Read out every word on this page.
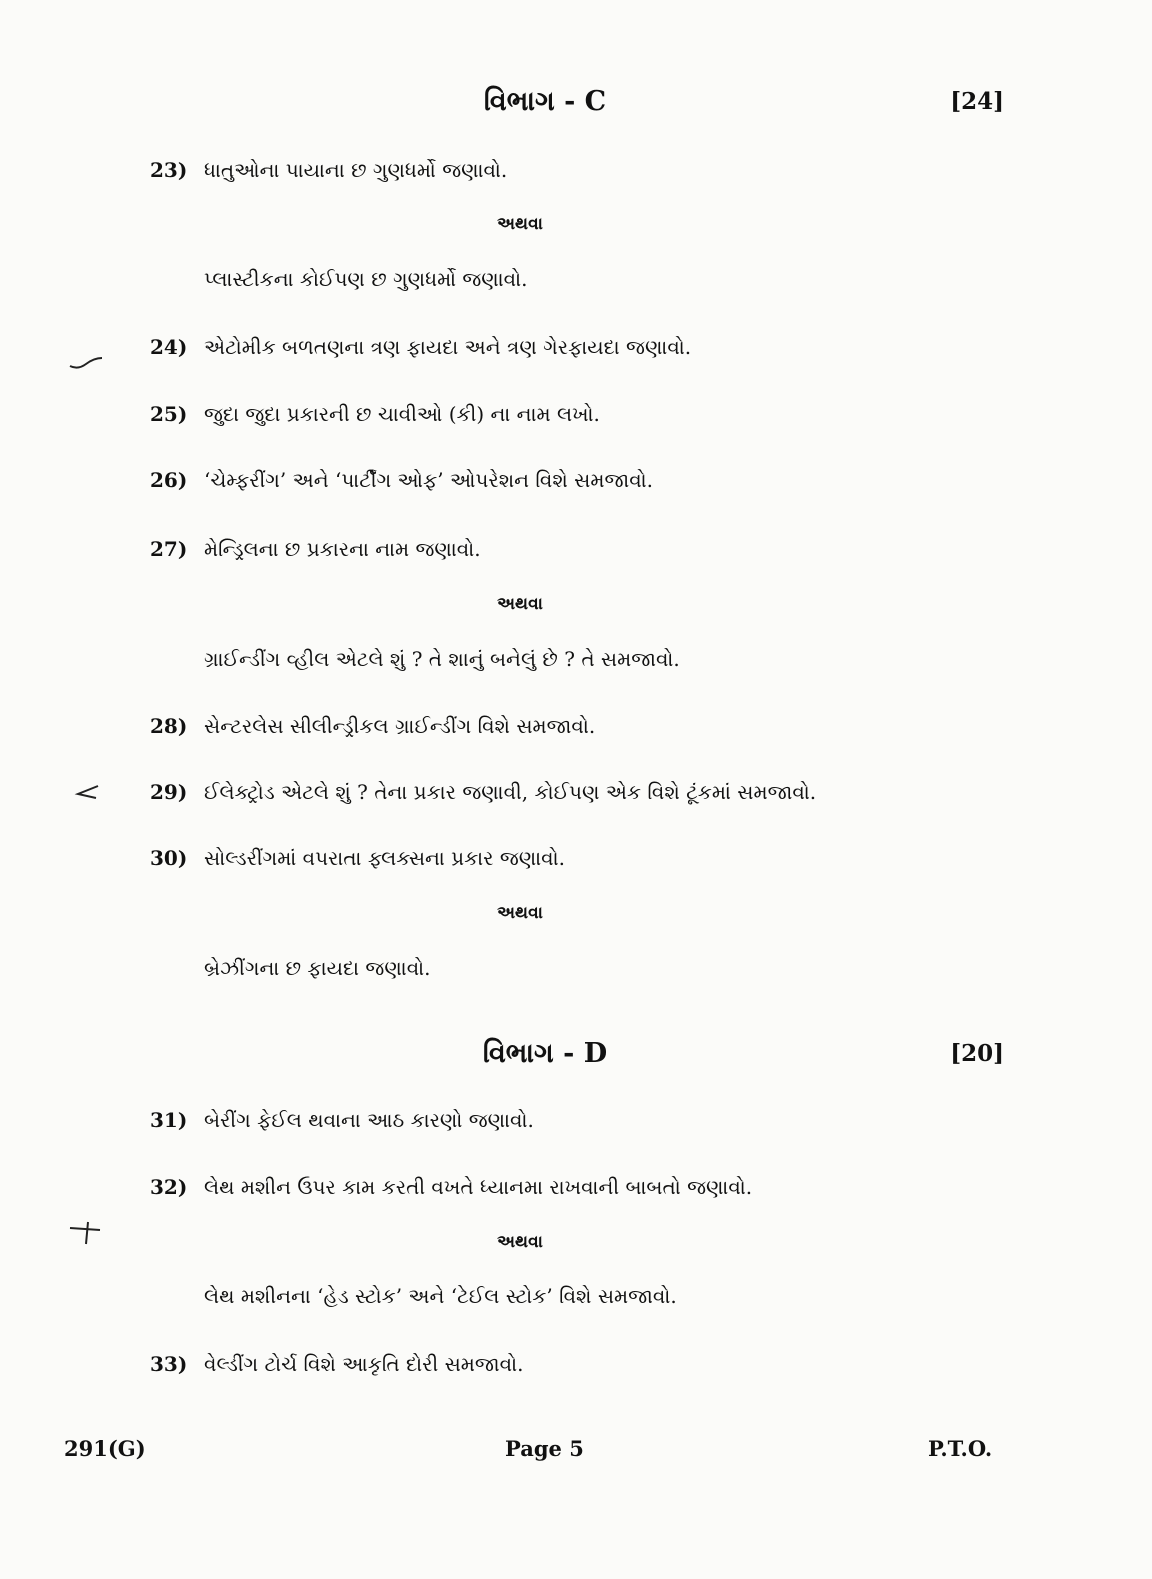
વિભાગ - C	[24]
23) ધાતુઓના પાયાના છ ગુણધર્મો જણાવો.
અથવા
પ્લાસ્ટીકના કોઈપણ છ ગુણધર્મો જણાવો.
24) એટોમીક બળતણના ત્રણ ફાયદા અને ત્રણ ગેરફાયદા જણાવો.
25) જુદા જુદા પ્રકારની છ ચાવીઓ (કી) ના નામ લખો.
26) ‘ચેમ્ફરીંગ’ અને ‘પાર્ટીંગ ઓફ’ ઓપરેશન વિશે સમજાવો.
27) મેન્ડ્રિલના છ પ્રકારના નામ જણાવો.
અથવા
ગ્રાઈન્ડીંગ વ્હીલ એટલે શું ? તે શાનું બનેલું છે ? તે સમજાવો.
28) સેન્ટરલેસ સીલીન્ડ્રીકલ ગ્રાઈન્ડીંગ વિશે સમજાવો.
29) ઈલેક્ટ્રોડ એટલે શું ? તેના પ્રકાર જણાવી, કોઈપણ એક વિશે ટૂંકમાં સમજાવો.
30) સોલ્ડરીંગમાં વપરાતા ફ્લક્સના પ્રકાર જણાવો.
અથવા
બ્રેઝીંગના છ ફાયદા જણાવો.
વિભાગ - D	[20]
31) બેરીંગ ફેઈલ થવાના આઠ કારણો જણાવો.
32) લેથ મશીન ઉપર કામ કરતી વખતે ધ્યાનમા રાખવાની બાબતો જણાવો.
અથવા
લેથ મશીનના ‘હેડ સ્ટોક’ અને ‘ટેઈલ સ્ટોક’ વિશે સમજાવો.
33) વેલ્ડીંગ ટોર્ચ વિશે આકૃતિ દોરી સમજાવો.
291(G)	Page 5	P.T.O.
